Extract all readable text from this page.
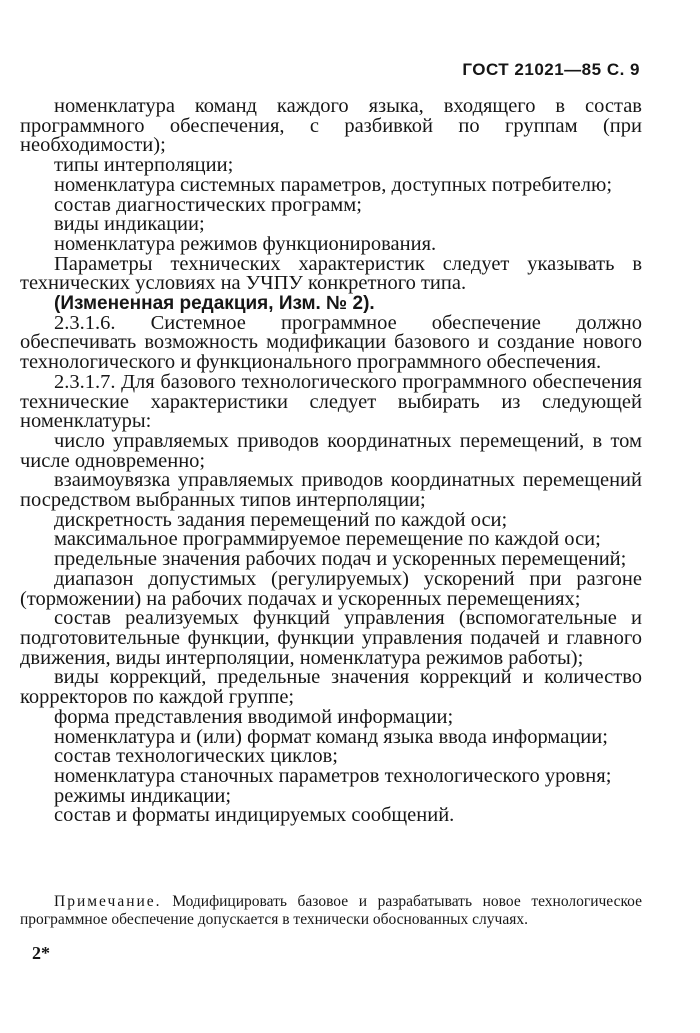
ГОСТ 21021—85 С. 9

номенклатура команд каждого языка, входящего в состав программного обеспечения, с разбивкой по группам (при необходимости);

типы интерполяции;

номенклатура системных параметров, доступных потребителю;

состав диагностических программ;

виды индикации;

номенклатура режимов функционирования.

Параметры технических характеристик следует указывать в технических условиях на УЧПУ конкретного типа.

(Измененная редакция, Изм. № 2).

2.3.1.6. Системное программное обеспечение должно обеспечивать возможность модификации базового и создание нового технологического и функционального программного обеспечения.

2.3.1.7. Для базового технологического программного обеспечения технические характеристики следует выбирать из следующей номенклатуры:

число управляемых приводов координатных перемещений, в том числе одновременно;

взаимоувязка управляемых приводов координатных перемещений посредством выбранных типов интерполяции;

дискретность задания перемещений по каждой оси;

максимальное программируемое перемещение по каждой оси;

предельные значения рабочих подач и ускоренных перемещений;

диапазон допустимых (регулируемых) ускорений при разгоне (торможении) на рабочих подачах и ускоренных перемещениях;

состав реализуемых функций управления (вспомогательные и подготовительные функции, функции управления подачей и главного движения, виды интерполяции, номенклатура режимов работы);

виды коррекций, предельные значения коррекций и количество корректоров по каждой группе;

форма представления вводимой информации;

номенклатура и (или) формат команд языка ввода информации;

состав технологических циклов;

номенклатура станочных параметров технологического уровня;

режимы индикации;

состав и форматы индицируемых сообщений.

Примечание. Модифицировать базовое и разрабатывать новое технологическое программное обеспечение допускается в технически обоснованных случаях.

2*
